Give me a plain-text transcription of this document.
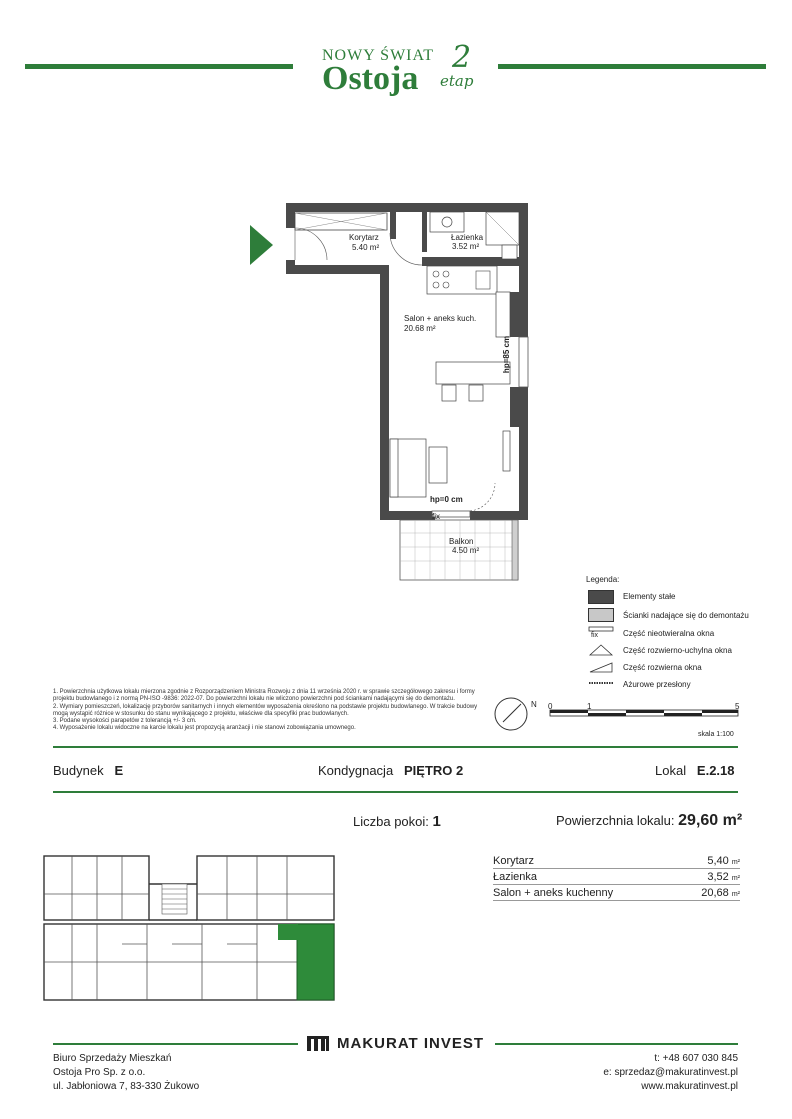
NOWY ŚWIAT
Ostoja
2
etap
Korytarz
5.40 m²
Łazienka
3.52 m²
Salon + aneks kuch.
20.68 m²
Balkon
4.50 m²
hp=85 cm
hp=0 cm
fix
Legenda:
Elementy stałe
Ścianki nadające się do demontażu
fix	Część nieotwieralna okna
Część rozwierno-uchylna okna
Część rozwierna okna
Ażurowe przesłony
1. Powierzchnia użytkowa lokalu mierzona zgodnie z Rozporządzeniem Ministra Rozwoju z dnia 11 września 2020 r. w sprawie szczegółowego zakresu i formy projektu budowlanego i z normą PN-ISO -9836: 2022-07. Do powierzchni lokalu nie wliczono powierzchni pod ściankami nadającymi się do demontażu.
2. Wymiary pomieszczeń, lokalizację przyborów sanitarnych i innych elementów wyposażenia określono na podstawie projektu budowlanego. W trakcie budowy mogą wystąpić różnice w stosunku do stanu wynikającego z projektu, właściwe dla specyfiki prac budowlanych.
3. Podane wysokości parapetów z tolerancją +/- 3 cm.
4. Wyposażenie lokalu widoczne na karcie lokalu jest propozycją aranżacji i nie stanowi zobowiązania umownego.
N 0	1	5
skala 1:100
Budynek E	Kondygnacja PIĘTRO 2	Lokal E.2.18
Liczba pokoi: 1	Powierzchnia lokalu: 29,60 m²
Korytarz	5,40 m²
Łazienka	3,52 m²
Salon + aneks kuchenny	20,68 m²
MAKURAT INVEST
Biuro Sprzedaży Mieszkań
Ostoja Pro Sp. z o.o.
ul. Jabłoniowa 7, 83-330 Żukowo
t: +48 607 030 845
e: sprzedaz@makuratinvest.pl
www.makuratinvest.pl
